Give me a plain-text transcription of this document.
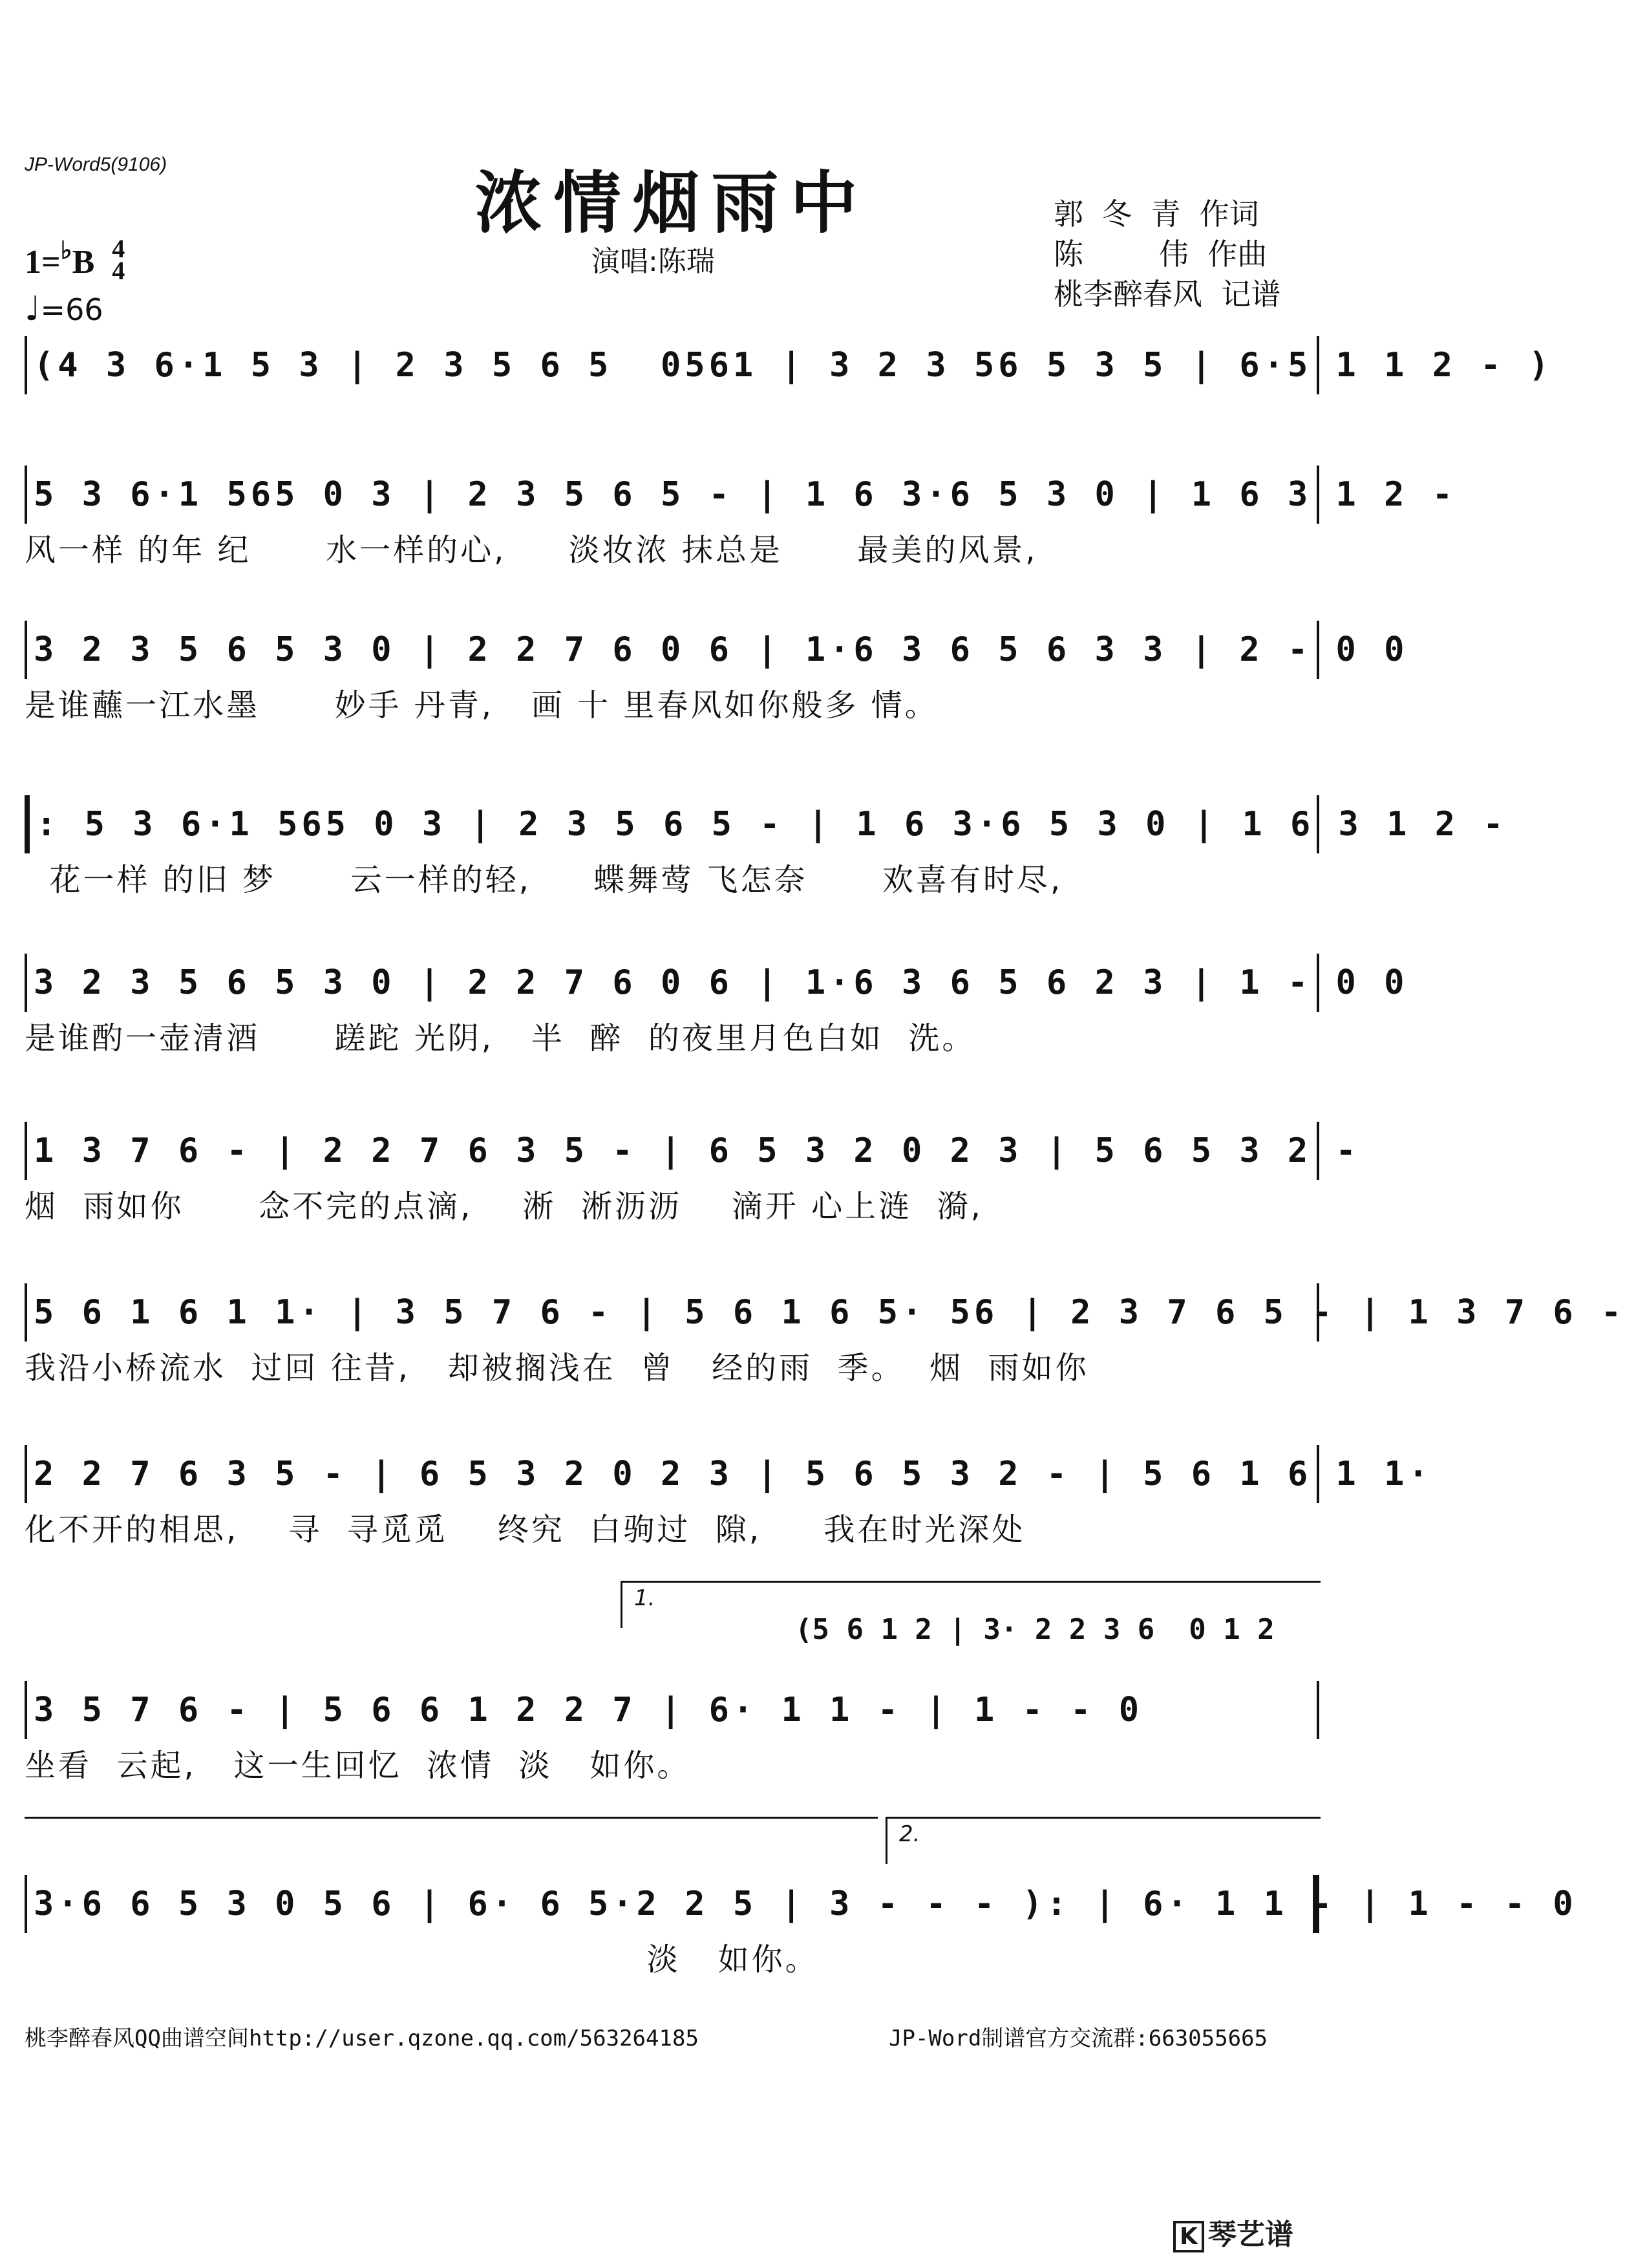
JP-Word5(9106)	浓情烟雨中
演唱:陈瑞
郭  冬  青  作词
陈        伟  作曲
桃李醉春风  记谱
1=♭B 4
4
♩=66
(4 3 6·1 5 3 | 2 3 5 6 5  0561 | 3 2 3 56 5 3 5 | 6·5 1 1 2 - )
5 3 6·1 565 0 3 | 2 3 5 6 5 - | 1 6 3·6 5 3 0 | 1 6 3 1 2 -
风一样 的年 纪      水一样的心,     淡妆浓 抹总是      最美的风景,
3 2 3 5 6 5 3 0 | 2 2 7 6 0 6 | 1·6 3 6 5 6 3 3 | 2 - 0 0
是谁蘸一江水墨      妙手 丹青,   画 十 里春风如你般多 情。
: 5 3 6·1 565 0 3 | 2 3 5 6 5 - | 1 6 3·6 5 3 0 | 1 6 3 1 2 -
花一样 的旧 梦      云一样的轻,     蝶舞莺 飞怎奈      欢喜有时尽,
3 2 3 5 6 5 3 0 | 2 2 7 6 0 6 | 1·6 3 6 5 6 2 3 | 1 - 0 0
是谁酌一壶清酒      蹉跎 光阴,   半  醉  的夜里月色白如  洗。
1 3 7 6 - | 2 2 7 6 3 5 - | 6 5 3 2 0 2 3 | 5 6 5 3 2 -
烟  雨如你      念不完的点滴,    淅  淅沥沥    滴开 心上涟  漪,
5 6 1 6 1 1· | 3 5 7 6 - | 5 6 1 6 5· 56 | 2 3 7 6 5 - | 1 3 7 6 -
我沿小桥流水  过回 往昔,   却被搁浅在  曾   经的雨  季。  烟  雨如你
2 2 7 6 3 5 - | 6 5 3 2 0 2 3 | 5 6 5 3 2 - | 5 6 1 6 1 1·
化不开的相思,    寻  寻觅觅    终究  白驹过  隙,     我在时光深处
1.
(5 6 1 2 | 3· 2 2 3 6  0 1 2
3 5 7 6 - | 5 6 6 1 2 2 7 | 6· 1 1 - | 1 - - 0
坐看  云起,   这一生回忆  浓情  淡   如你。
2.
3·6 6 5 3 0 5 6 | 6· 6 5·2 2 5 | 3 - - - ): | 6· 1 1 - | 1 - - 0
淡   如你。
桃李醉春风QQ曲谱空间http://user.qzone.qq.com/563264185	JP-Word制谱官方交流群:663055665
K 琴艺谱
